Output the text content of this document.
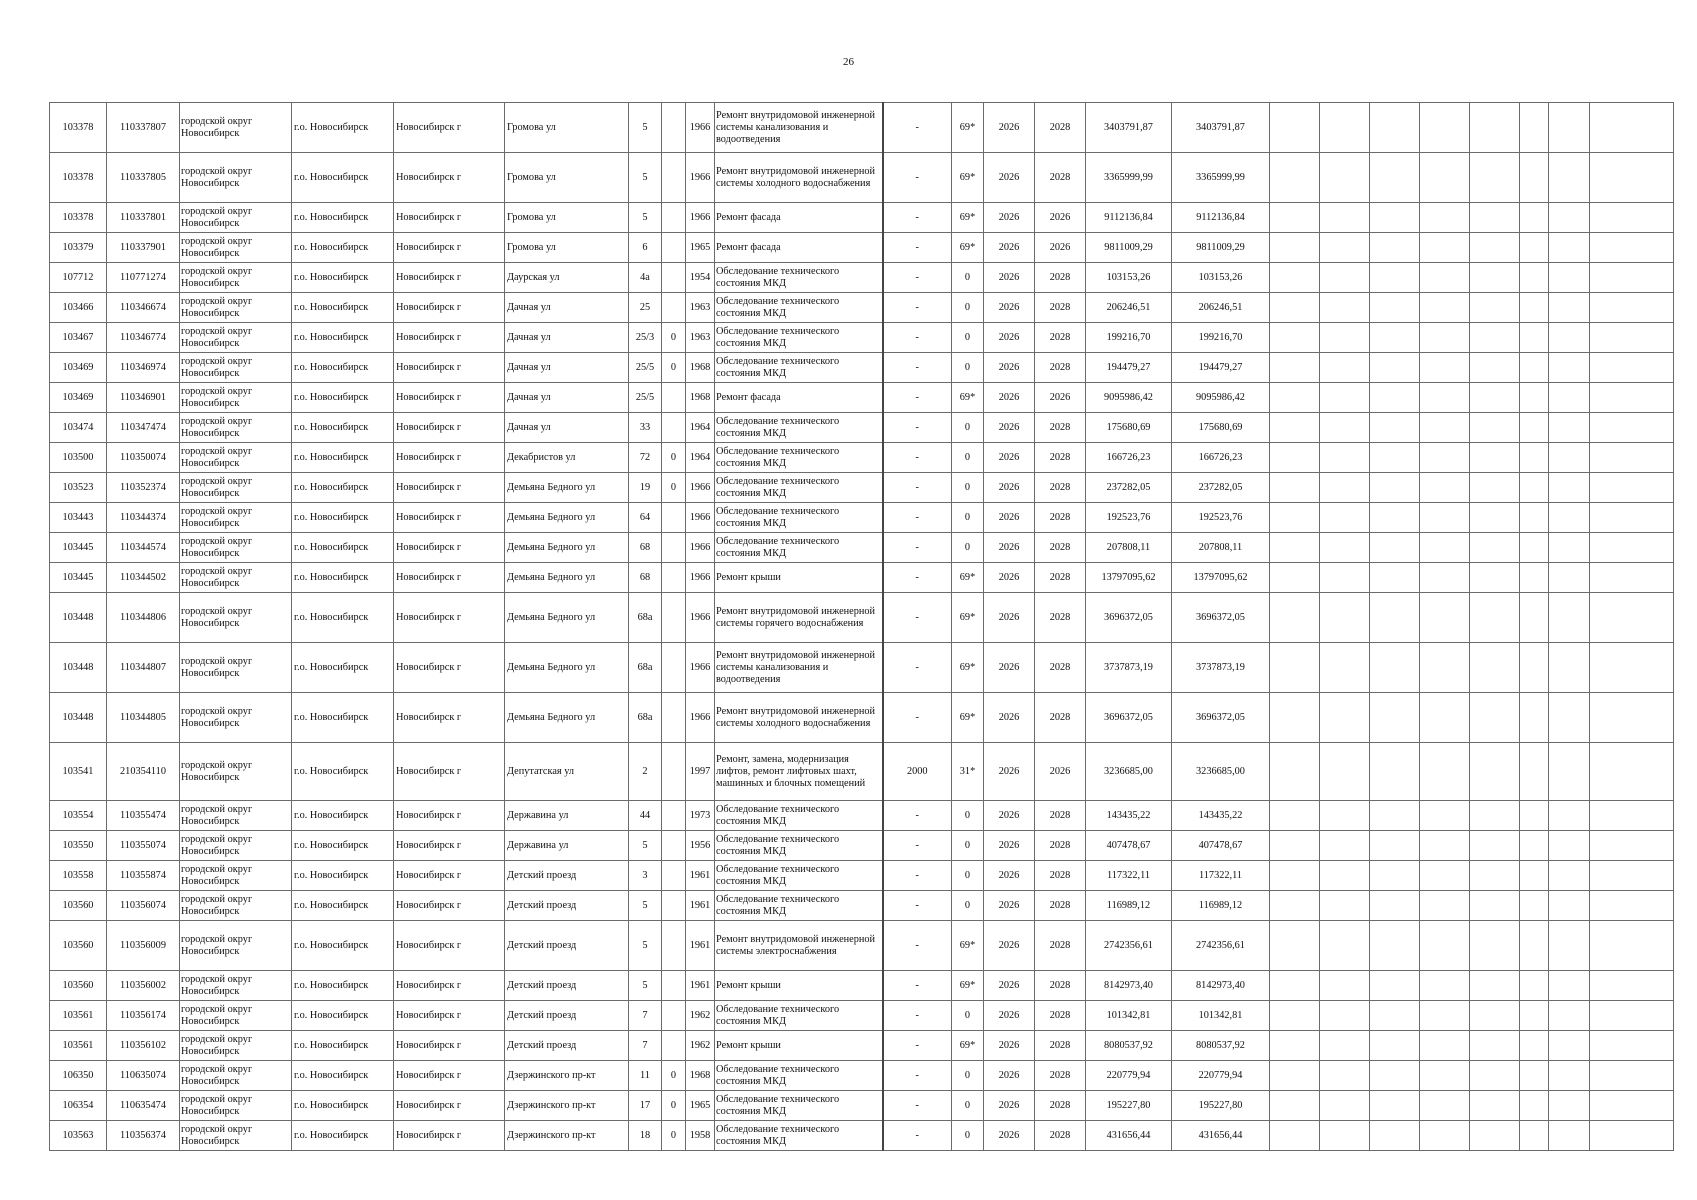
26
103378	110337807	городской округ Новосибирск	г.о. Новосибирск	Новосибирск г	Громова ул	5		1966	Ремонт внутридомовой инженерной системы канализования и водоотведения	-	69*	2026	2028	3403791,87	3403791,87								
103378	110337805	городской округ Новосибирск	г.о. Новосибирск	Новосибирск г	Громова ул	5		1966	Ремонт внутридомовой инженерной системы холодного водоснабжения	-	69*	2026	2028	3365999,99	3365999,99								
103378	110337801	городской округ Новосибирск	г.о. Новосибирск	Новосибирск г	Громова ул	5		1966	Ремонт фасада	-	69*	2026	2026	9112136,84	9112136,84								
103379	110337901	городской округ Новосибирск	г.о. Новосибирск	Новосибирск г	Громова ул	6		1965	Ремонт фасада	-	69*	2026	2026	9811009,29	9811009,29								
107712	110771274	городской округ Новосибирск	г.о. Новосибирск	Новосибирск г	Даурская ул	4а		1954	Обследование технического состояния МКД	-	0	2026	2028	103153,26	103153,26								
103466	110346674	городской округ Новосибирск	г.о. Новосибирск	Новосибирск г	Дачная ул	25		1963	Обследование технического состояния МКД	-	0	2026	2028	206246,51	206246,51								
103467	110346774	городской округ Новосибирск	г.о. Новосибирск	Новосибирск г	Дачная ул	25/3	0	1963	Обследование технического состояния МКД	-	0	2026	2028	199216,70	199216,70								
103469	110346974	городской округ Новосибирск	г.о. Новосибирск	Новосибирск г	Дачная ул	25/5	0	1968	Обследование технического состояния МКД	-	0	2026	2028	194479,27	194479,27								
103469	110346901	городской округ Новосибирск	г.о. Новосибирск	Новосибирск г	Дачная ул	25/5		1968	Ремонт фасада	-	69*	2026	2026	9095986,42	9095986,42								
103474	110347474	городской округ Новосибирск	г.о. Новосибирск	Новосибирск г	Дачная ул	33		1964	Обследование технического состояния МКД	-	0	2026	2028	175680,69	175680,69								
103500	110350074	городской округ Новосибирск	г.о. Новосибирск	Новосибирск г	Декабристов ул	72	0	1964	Обследование технического состояния МКД	-	0	2026	2028	166726,23	166726,23								
103523	110352374	городской округ Новосибирск	г.о. Новосибирск	Новосибирск г	Демьяна Бедного ул	19	0	1966	Обследование технического состояния МКД	-	0	2026	2028	237282,05	237282,05								
103443	110344374	городской округ Новосибирск	г.о. Новосибирск	Новосибирск г	Демьяна Бедного ул	64		1966	Обследование технического состояния МКД	-	0	2026	2028	192523,76	192523,76								
103445	110344574	городской округ Новосибирск	г.о. Новосибирск	Новосибирск г	Демьяна Бедного ул	68		1966	Обследование технического состояния МКД	-	0	2026	2028	207808,11	207808,11								
103445	110344502	городской округ Новосибирск	г.о. Новосибирск	Новосибирск г	Демьяна Бедного ул	68		1966	Ремонт крыши	-	69*	2026	2028	13797095,62	13797095,62								
103448	110344806	городской округ Новосибирск	г.о. Новосибирск	Новосибирск г	Демьяна Бедного ул	68а		1966	Ремонт внутридомовой инженерной системы горячего водоснабжения	-	69*	2026	2028	3696372,05	3696372,05								
103448	110344807	городской округ Новосибирск	г.о. Новосибирск	Новосибирск г	Демьяна Бедного ул	68а		1966	Ремонт внутридомовой инженерной системы канализования и водоотведения	-	69*	2026	2028	3737873,19	3737873,19								
103448	110344805	городской округ Новосибирск	г.о. Новосибирск	Новосибирск г	Демьяна Бедного ул	68а		1966	Ремонт внутридомовой инженерной системы холодного водоснабжения	-	69*	2026	2028	3696372,05	3696372,05								
103541	210354110	городской округ Новосибирск	г.о. Новосибирск	Новосибирск г	Депутатская ул	2		1997	Ремонт, замена, модернизация лифтов, ремонт лифтовых шахт, машинных и блочных помещений	2000	31*	2026	2026	3236685,00	3236685,00								
103554	110355474	городской округ Новосибирск	г.о. Новосибирск	Новосибирск г	Державина ул	44		1973	Обследование технического состояния МКД	-	0	2026	2028	143435,22	143435,22								
103550	110355074	городской округ Новосибирск	г.о. Новосибирск	Новосибирск г	Державина ул	5		1956	Обследование технического состояния МКД	-	0	2026	2028	407478,67	407478,67								
103558	110355874	городской округ Новосибирск	г.о. Новосибирск	Новосибирск г	Детский проезд	3		1961	Обследование технического состояния МКД	-	0	2026	2028	117322,11	117322,11								
103560	110356074	городской округ Новосибирск	г.о. Новосибирск	Новосибирск г	Детский проезд	5		1961	Обследование технического состояния МКД	-	0	2026	2028	116989,12	116989,12								
103560	110356009	городской округ Новосибирск	г.о. Новосибирск	Новосибирск г	Детский проезд	5		1961	Ремонт внутридомовой инженерной системы электроснабжения	-	69*	2026	2028	2742356,61	2742356,61								
103560	110356002	городской округ Новосибирск	г.о. Новосибирск	Новосибирск г	Детский проезд	5		1961	Ремонт крыши	-	69*	2026	2028	8142973,40	8142973,40								
103561	110356174	городской округ Новосибирск	г.о. Новосибирск	Новосибирск г	Детский проезд	7		1962	Обследование технического состояния МКД	-	0	2026	2028	101342,81	101342,81								
103561	110356102	городской округ Новосибирск	г.о. Новосибирск	Новосибирск г	Детский проезд	7		1962	Ремонт крыши	-	69*	2026	2028	8080537,92	8080537,92								
106350	110635074	городской округ Новосибирск	г.о. Новосибирск	Новосибирск г	Дзержинского пр-кт	11	0	1968	Обследование технического состояния МКД	-	0	2026	2028	220779,94	220779,94								
106354	110635474	городской округ Новосибирск	г.о. Новосибирск	Новосибирск г	Дзержинского пр-кт	17	0	1965	Обследование технического состояния МКД	-	0	2026	2028	195227,80	195227,80								
103563	110356374	городской округ Новосибирск	г.о. Новосибирск	Новосибирск г	Дзержинского пр-кт	18	0	1958	Обследование технического состояния МКД	-	0	2026	2028	431656,44	431656,44								
